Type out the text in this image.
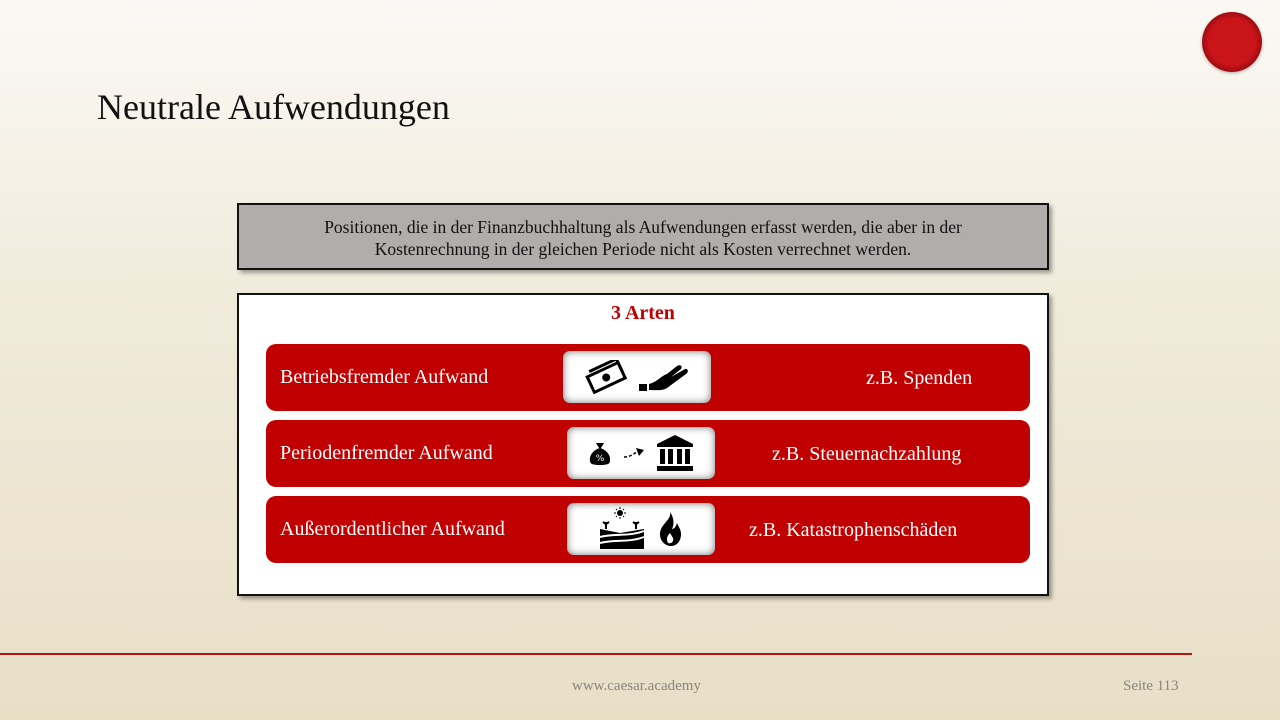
Neutrale Aufwendungen
Positionen, die in der Finanzbuchhaltung als Aufwendungen erfasst werden, die aber in der
Kostenrechnung in der gleichen Periode nicht als Kosten verrechnet werden.
3 Arten
Betriebsfremder Aufwand	z.B. Spenden
Periodenfremder Aufwand	%	z.B. Steuernachzahlung
Außerordentlicher Aufwand	z.B. Katastrophenschäden
www.caesar.academy	Seite 113
